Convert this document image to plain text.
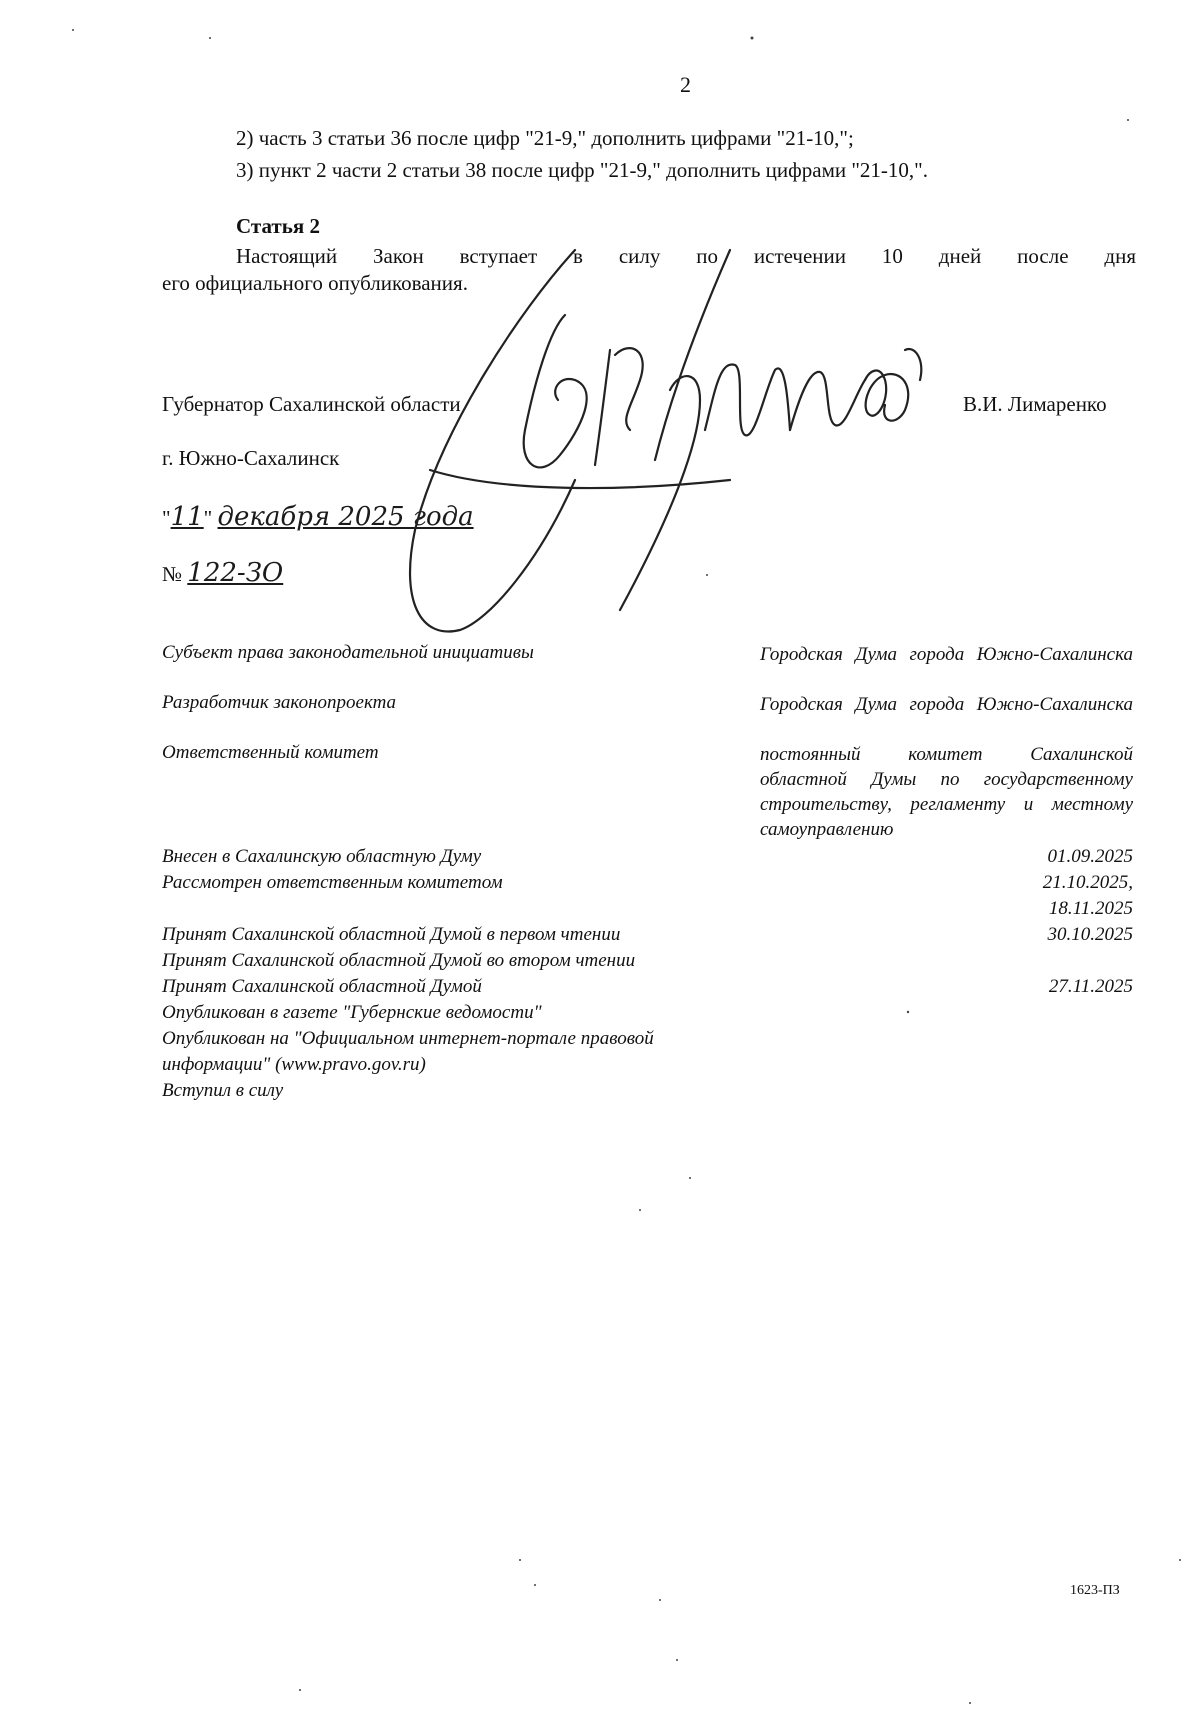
2
2) часть 3 статьи 36 после цифр "21-9," дополнить цифрами "21-10,";
3) пункт 2 части 2 статьи 38 после цифр "21-9," дополнить цифрами "21-10,".
Статья 2
Настоящий Закон вступает в силу по истечении 10 дней после дня
его официального опубликования.
Губернатор Сахалинской области	В.И. Лимаренко
г. Южно-Сахалинск
"11" декабря 2025 года
№ 122-ЗО
Субъект права законодательной инициативы	Городская Дума города Южно-Сахалинска
Разработчик законопроекта	Городская Дума города Южно-Сахалинска
Ответственный комитет	постоянный комитет Сахалинской областной Думы по государственному строительству, регламенту и местному самоуправлению
Внесен в Сахалинскую областную Думу	01.09.2025
Рассмотрен ответственным комитетом	21.10.2025,
18.11.2025
Принят Сахалинской областной Думой в первом чтении	30.10.2025
Принят Сахалинской областной Думой во втором чтении
Принят Сахалинской областной Думой	27.11.2025
Опубликован в газете "Губернские ведомости"
Опубликован на "Официальном интернет-портале правовой
информации" (www.pravo.gov.ru)
Вступил в силу
1623-ПЗ
